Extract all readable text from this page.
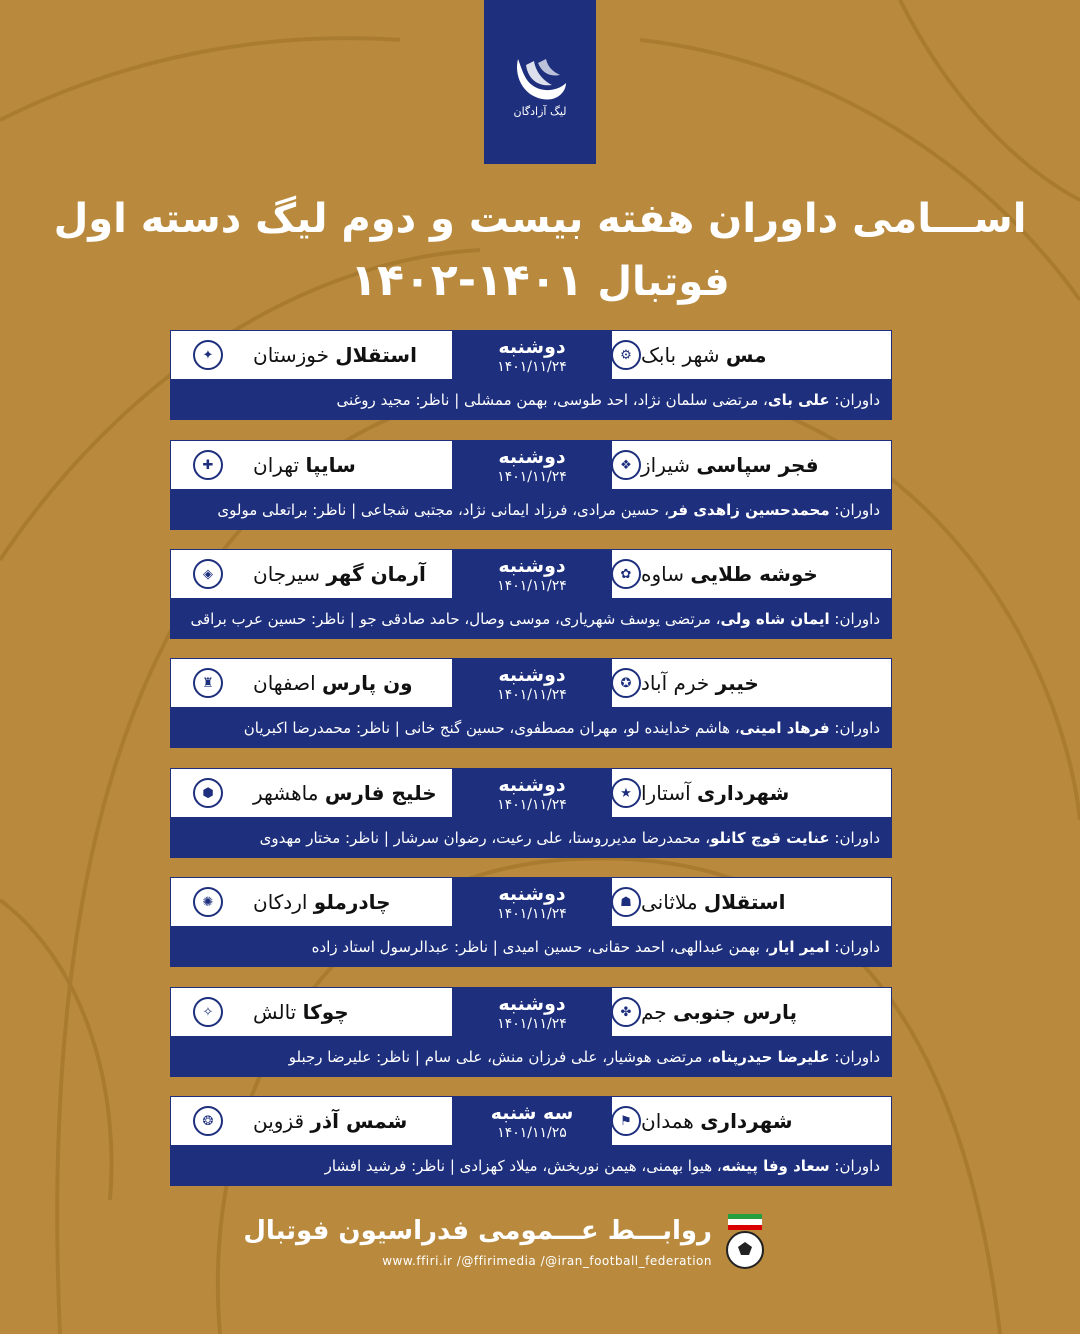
لیگ آزادگان
اســـامی داوران هفته بیست و دوم لیگ دسته اول
فوتبال ۱۴۰۱-۱۴۰۲
⚙	مس شهر بابک
دوشنبه
۱۴۰۱/۱۱/۲۴
✦	استقلال خوزستان
داوران: علی بای، مرتضی سلمان نژاد، احد طوسی، بهمن ممشلی | ناظر: مجید روغنی
❖	فجر سپاسی شیراز
دوشنبه
۱۴۰۱/۱۱/۲۴
✚	سایپا تهران
داوران: محمدحسین زاهدی فر، حسین مرادی، فرزاد ایمانی نژاد، مجتبی شجاعی | ناظر: براتعلی مولوی
✿	خوشه طلایی ساوه
دوشنبه
۱۴۰۱/۱۱/۲۴
◈	آرمان گهر سیرجان
داوران: ایمان شاه ولی، مرتضی یوسف شهریاری، موسی وصال، حامد صادقی جو | ناظر: حسین عرب براقی
✪	خیبر خرم آباد
دوشنبه
۱۴۰۱/۱۱/۲۴
♜	ون پارس اصفهان
داوران: فرهاد امینی، هاشم خداینده لو، مهران مصطفوی، حسین گنج خانی | ناظر: محمدرضا اکبریان
★	شهرداری آستارا
دوشنبه
۱۴۰۱/۱۱/۲۴
⬢	خلیج فارس ماهشهر
داوران: عنایت قوچ کانلو، محمدرضا مدیرروستا، علی رعیت، رضوان سرشار | ناظر: مختار مهدوی
☗	استقلال ملاثانی
دوشنبه
۱۴۰۱/۱۱/۲۴
✺	چادرملو اردکان
داوران: امیر ایار، بهمن عبدالهی، احمد حقانی، حسین امیدی | ناظر: عبدالرسول استاد زاده
✤	پارس جنوبی جم
دوشنبه
۱۴۰۱/۱۱/۲۴
✧	چوکا تالش
داوران: علیرضا حیدرپناه، مرتضی هوشیار، علی فرزان منش، علی سام | ناظر: علیرضا رجبلو
⚑	شهرداری همدان
سه شنبه
۱۴۰۱/۱۱/۲۵
❂	شمس آذر قزوین
داوران: سعاد وفا پیشه، هیوا بهمنی، هیمن نوربخش، میلاد کهزادی | ناظر: فرشید افشار
روابـــط عـــمومی فدراسیون فوتبال
www.ffiri.ir /@ffirimedia /@iran_football_federation
